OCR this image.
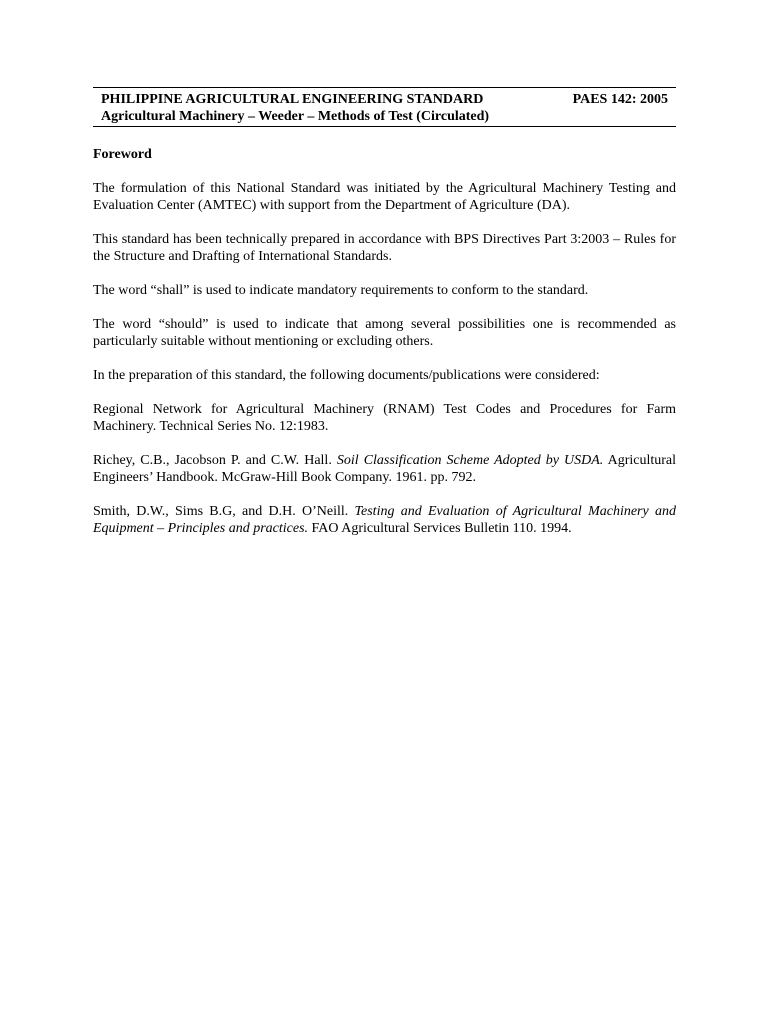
PHILIPPINE AGRICULTURAL ENGINEERING STANDARD	PAES 142: 2005
Agricultural Machinery – Weeder – Methods of Test (Circulated)
Foreword

The formulation of this National Standard was initiated by the Agricultural Machinery Testing and Evaluation Center (AMTEC) with support from the Department of Agriculture (DA).

This standard has been technically prepared in accordance with BPS Directives Part 3:2003 – Rules for the Structure and Drafting of International Standards.

The word “shall” is used to indicate mandatory requirements to conform to the standard.

The word “should” is used to indicate that among several possibilities one is recommended as particularly suitable without mentioning or excluding others.

In the preparation of this standard, the following documents/publications were considered:

Regional Network for Agricultural Machinery (RNAM) Test Codes and Procedures for Farm Machinery. Technical Series No. 12:1983.

Richey, C.B., Jacobson P. and C.W. Hall. Soil Classification Scheme Adopted by USDA. Agricultural Engineers’ Handbook. McGraw-Hill Book Company. 1961. pp. 792.

Smith, D.W., Sims B.G, and D.H. O’Neill. Testing and Evaluation of Agricultural Machinery and Equipment – Principles and practices. FAO Agricultural Services Bulletin 110. 1994.
